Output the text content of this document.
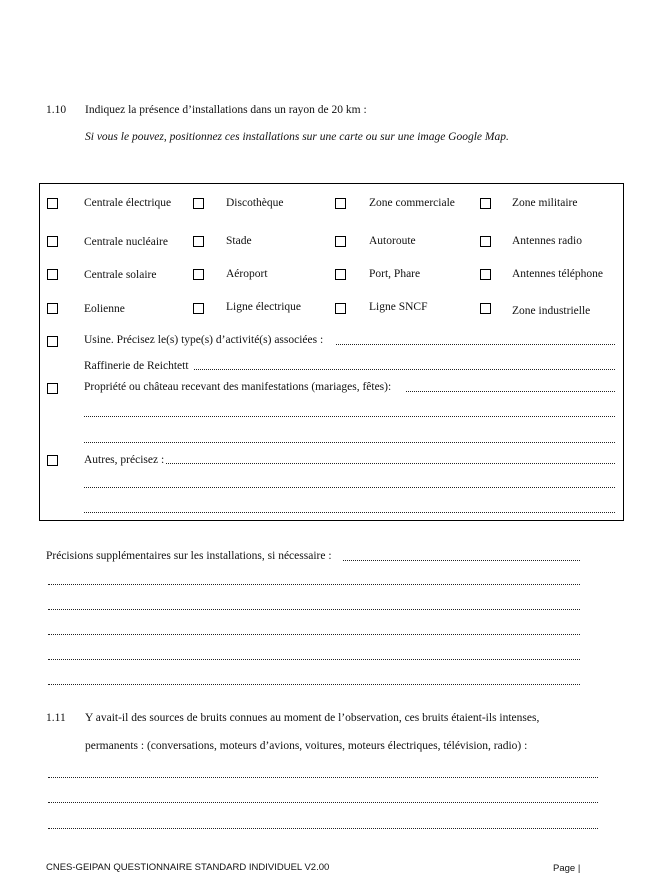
1.10 Indiquez la présence d’installations dans un rayon de 20 km :
Si vous le pouvez, positionnez ces installations sur une carte ou sur une image Google Map.
Centrale électrique	Discothèque	Zone commerciale	Zone militaire
Centrale nucléaire	Stade	Autoroute	Antennes radio
Centrale solaire	Aéroport	Port, Phare	Antennes téléphone
Eolienne	Ligne électrique	Ligne SNCF	Zone industrielle
Usine. Précisez le(s) type(s) d’activité(s) associées :
Raffinerie de Reichtett
Propriété ou château recevant des manifestations (mariages, fêtes):
Autres, précisez :
Précisions supplémentaires sur les installations, si nécessaire :
1.11 Y avait-il des sources de bruits connues au moment de l’observation, ces bruits étaient-ils intenses,
permanents : (conversations, moteurs d’avions, voitures, moteurs électriques, télévision, radio) :
CNES-GEIPAN QUESTIONNAIRE STANDARD INDIVIDUEL V2.00	Page |
